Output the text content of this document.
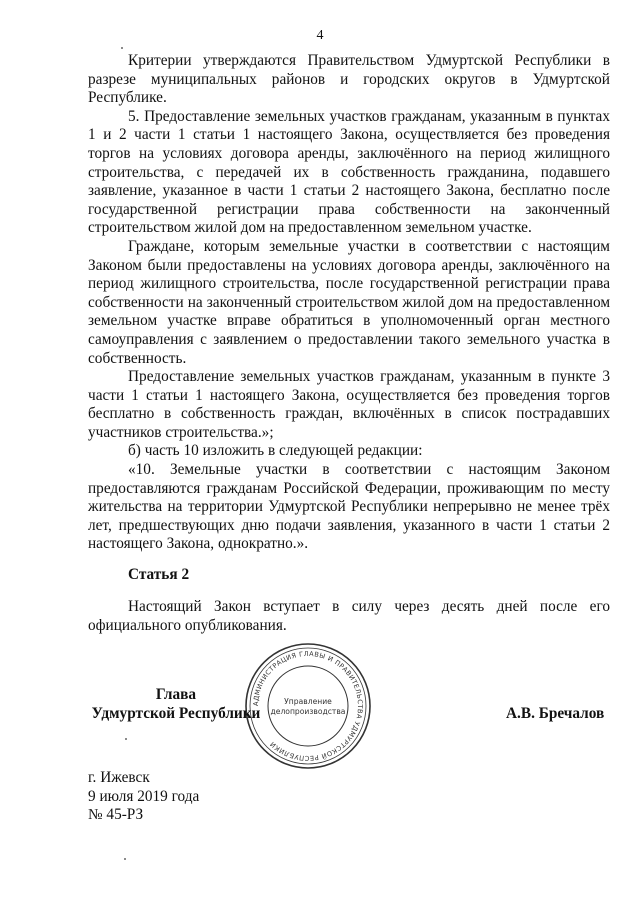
4

Критерии утверждаются Правительством Удмуртской Республики в разрезе муниципальных районов и городских округов в Удмуртской Республике.

5. Предоставление земельных участков гражданам, указанным в пунктах 1 и 2 части 1 статьи 1 настоящего Закона, осуществляется без проведения торгов на условиях договора аренды, заключённого на период жилищного строительства, с передачей их в собственность гражданина, подавшего заявление, указанное в части 1 статьи 2 настоящего Закона, бесплатно после государственной регистрации права собственности на законченный строительством жилой дом на предоставленном земельном участке.

Граждане, которым земельные участки в соответствии с настоящим Законом были предоставлены на условиях договора аренды, заключённого на период жилищного строительства, после государственной регистрации права собственности на законченный строительством жилой дом на предоставленном земельном участке вправе обратиться в уполномоченный орган местного самоуправления с заявлением о предоставлении такого земельного участка в собственность.

Предоставление земельных участков гражданам, указанным в пункте 3 части 1 статьи 1 настоящего Закона, осуществляется без проведения торгов бесплатно в собственность граждан, включённых в список пострадавших участников строительства.»;

б) часть 10 изложить в следующей редакции:

«10. Земельные участки в соответствии с настоящим Законом предоставляются гражданам Российской Федерации, проживающим по месту жительства на территории Удмуртской Республики непрерывно не менее трёх лет, предшествующих дню подачи заявления, указанного в части 1 статьи 2 настоящего Закона, однократно.».

Статья 2
Настоящий Закон вступает в силу через десять дней после его официального опубликования.
АДМИНИСТРАЦИЯ ГЛАВЫ И ПРАВИТЕЛЬСТВА УДМУРТСКОЙ РЕСПУБЛИКИ
Управление
делопроизводства
Глава
Удмуртской Республики	А.В. Бречалов
г. Ижевск
9 июля 2019 года
№ 45-РЗ
